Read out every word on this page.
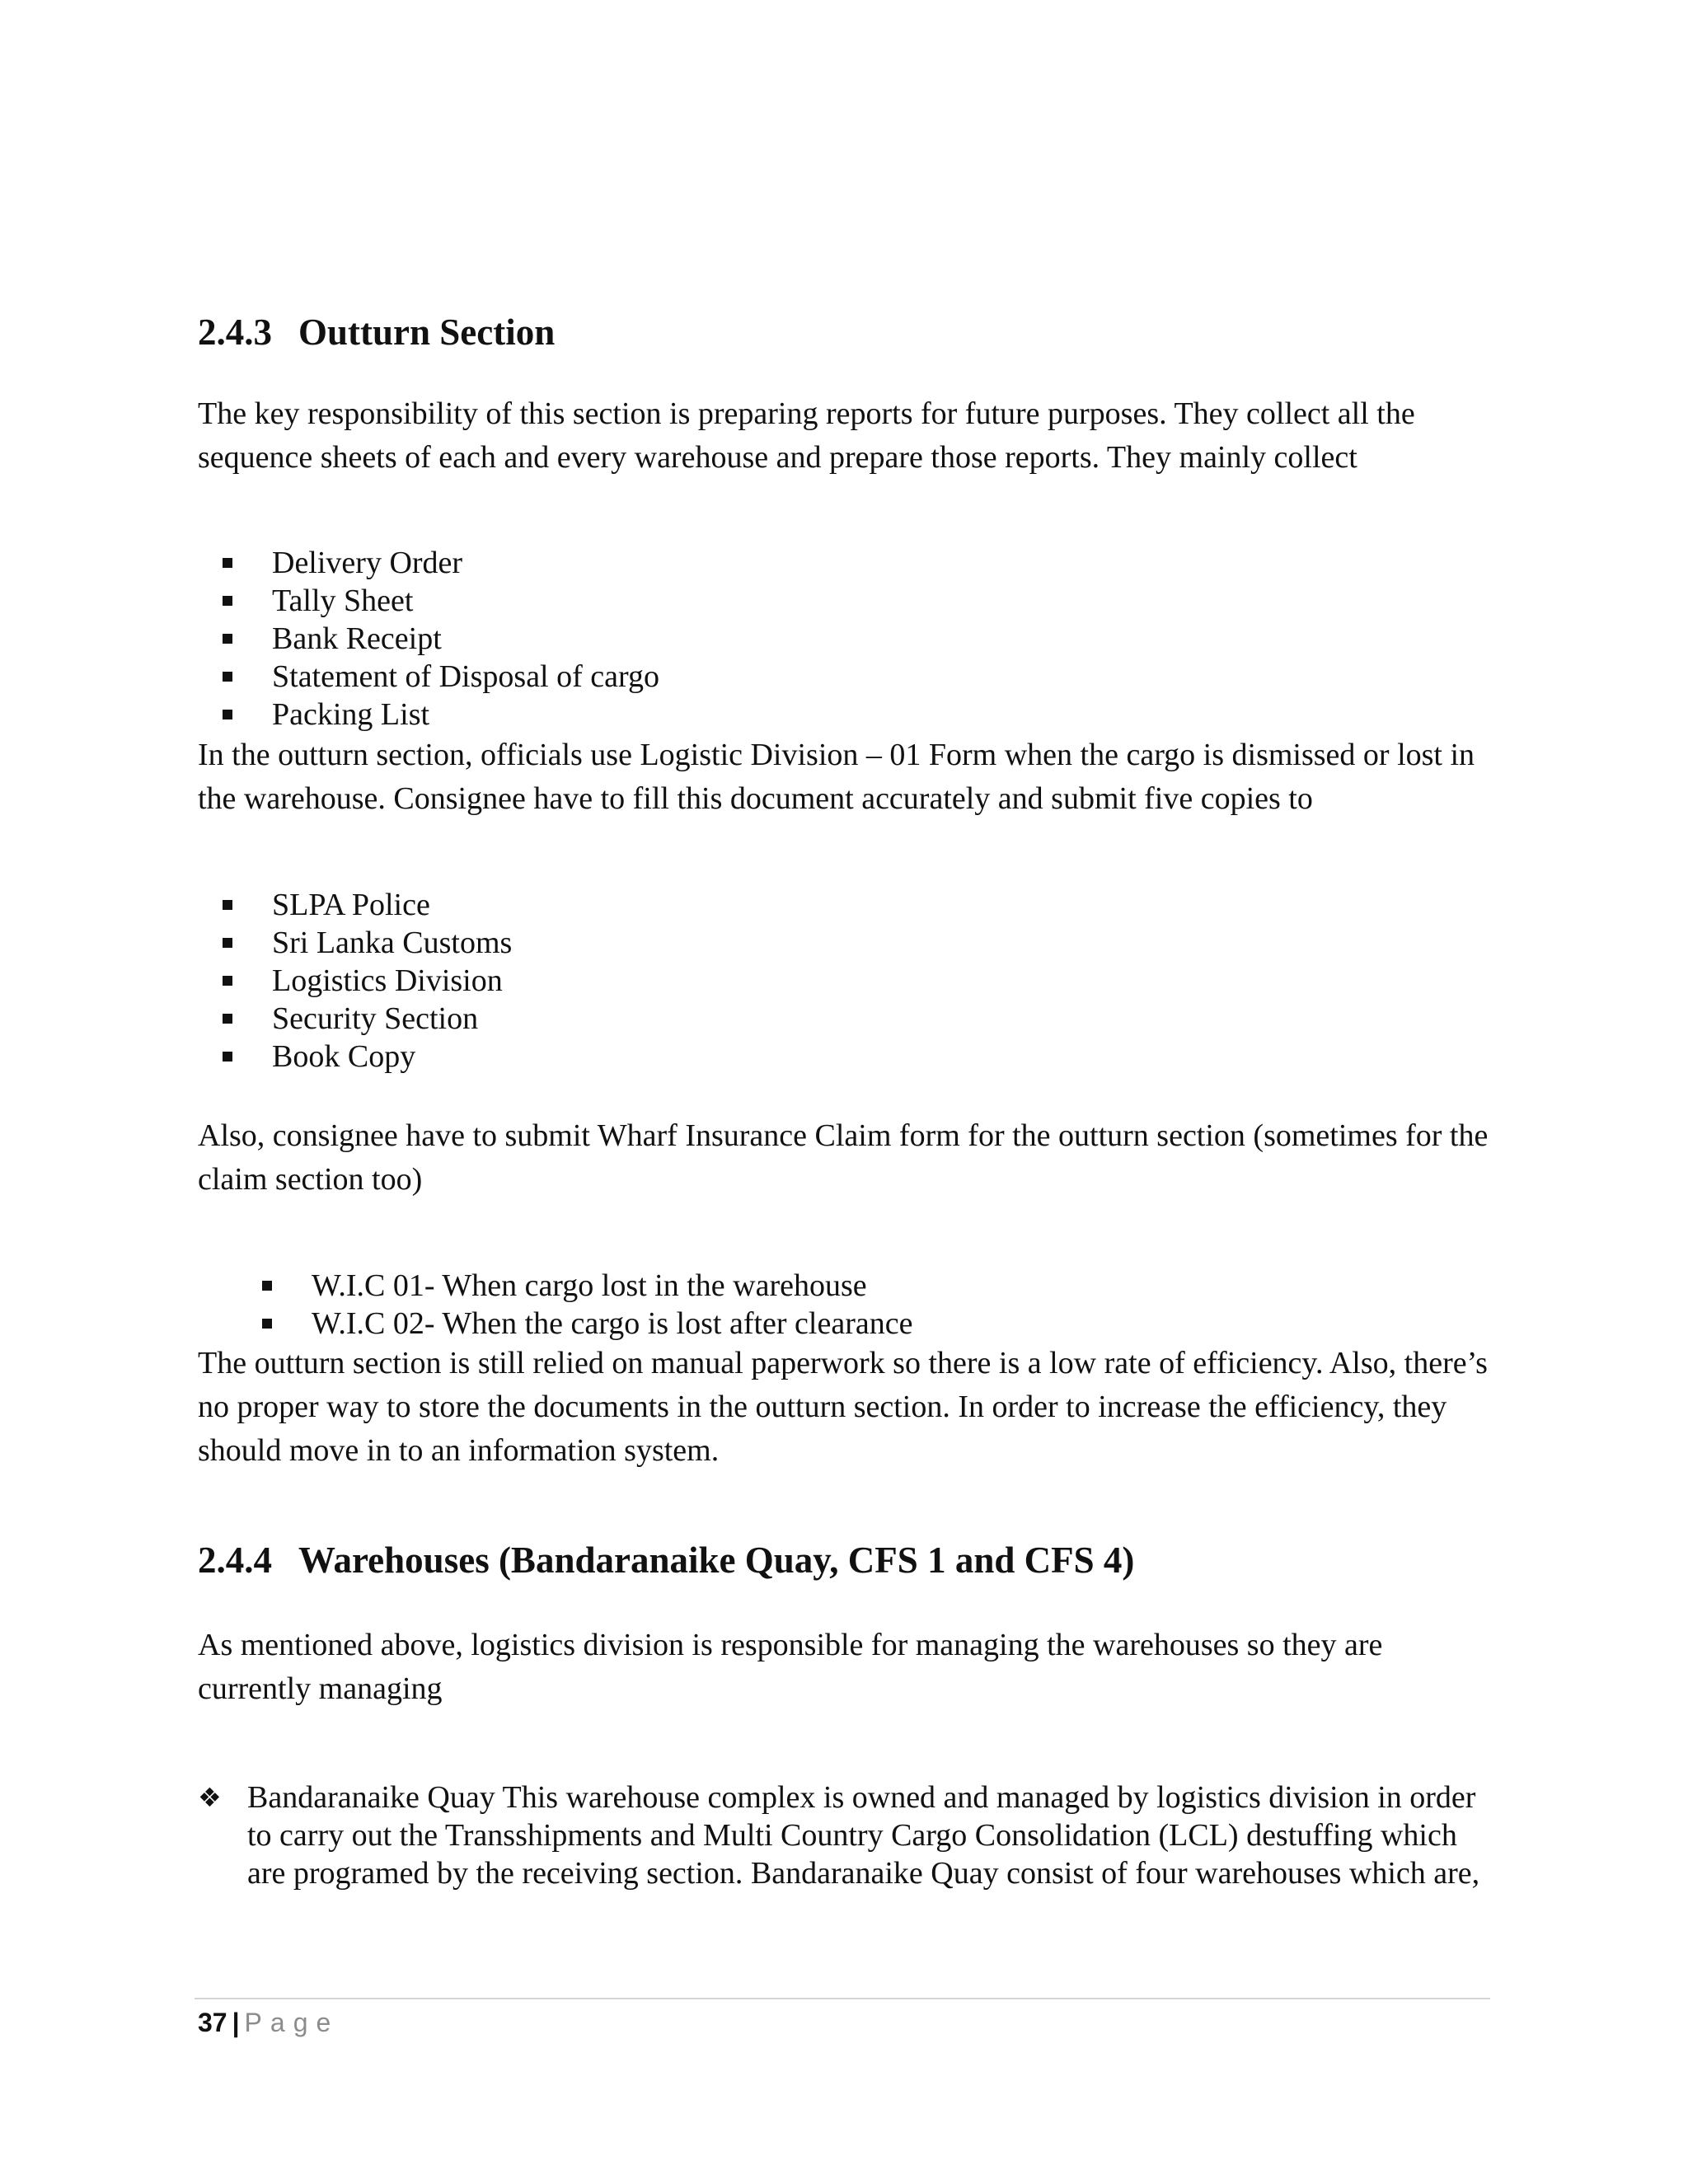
2.4.3 Outturn Section

The key responsibility of this section is preparing reports for future purposes. They collect all the sequence sheets of each and every warehouse and prepare those reports. They mainly collect

Delivery Order
Tally Sheet
Bank Receipt
Statement of Disposal of cargo
Packing List

In the outturn section, officials use Logistic Division – 01 Form when the cargo is dismissed or lost in the warehouse. Consignee have to fill this document accurately and submit five copies to

SLPA Police
Sri Lanka Customs
Logistics Division
Security Section
Book Copy

Also, consignee have to submit Wharf Insurance Claim form for the outturn section (sometimes for the claim section too)

W.I.C 01- When cargo lost in the warehouse
W.I.C 02- When the cargo is lost after clearance

The outturn section is still relied on manual paperwork so there is a low rate of efficiency. Also, there’s no proper way to store the documents in the outturn section. In order to increase the efficiency, they should move in to an information system.

2.4.4 Warehouses (Bandaranaike Quay, CFS 1 and CFS 4)

As mentioned above, logistics division is responsible for managing the warehouses so they are currently managing

❖ Bandaranaike Quay This warehouse complex is owned and managed by logistics division in order to carry out the Transshipments and Multi Country Cargo Consolidation (LCL) destuffing which are programed by the receiving section. Bandaranaike Quay consist of four warehouses which are,
37 | Page
